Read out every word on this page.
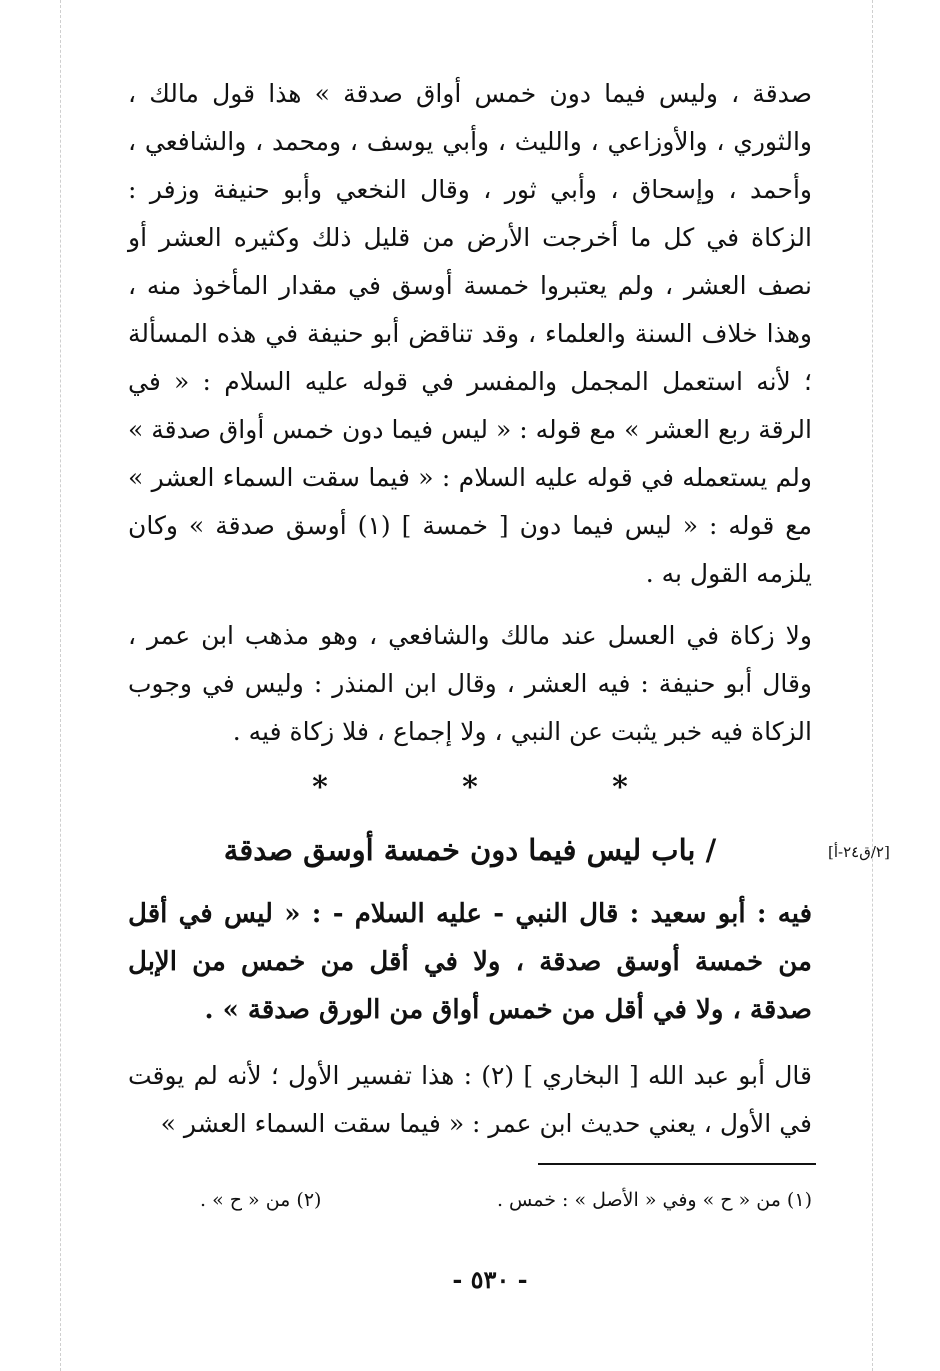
صدقة ، وليس فيما دون خمس أواق صدقة » هذا قول مالك ، والثوري ، والأوزاعي ، والليث ، وأبي يوسف ، ومحمد ، والشافعي ، وأحمد ، وإسحاق ، وأبي ثور ، وقال النخعي وأبو حنيفة وزفر : الزكاة في كل ما أخرجت الأرض من قليل ذلك وكثيره العشر أو نصف العشر ، ولم يعتبروا خمسة أوسق في مقدار المأخوذ منه ، وهذا خلاف السنة والعلماء ، وقد تناقض أبو حنيفة في هذه المسألة ؛ لأنه استعمل المجمل والمفسر في قوله عليه السلام : « في الرقة ربع العشر » مع قوله : « ليس فيما دون خمس أواق صدقة » ولم يستعمله في قوله عليه السلام : « فيما سقت السماء العشر » مع قوله : « ليس فيما دون [ خمسة ] (١) أوسق صدقة » وكان يلزمه القول به .
ولا زكاة في العسل عند مالك والشافعي ، وهو مذهب ابن عمر ، وقال أبو حنيفة : فيه العشر ، وقال ابن المنذر : وليس في وجوب الزكاة فيه خبر يثبت عن النبي ، ولا إجماع ، فلا زكاة فيه .
*
*
*
/ باب ليس فيما دون خمسة أوسق صدقة	[٢/ق٢٤-أ]
فيه : أبو سعيد : قال النبي - عليه السلام - : « ليس في أقل من خمسة أوسق صدقة ، ولا في أقل من خمس من الإبل صدقة ، ولا في أقل من خمس أواق من الورق صدقة » .
قال أبو عبد الله [ البخاري ] (٢) : هذا تفسير الأول ؛ لأنه لم يوقت في الأول ، يعني حديث ابن عمر : « فيما سقت السماء العشر »
(١) من « ح » وفي « الأصل » : خمس .
(٢) من « ح » .
- ٥٣٠ -
